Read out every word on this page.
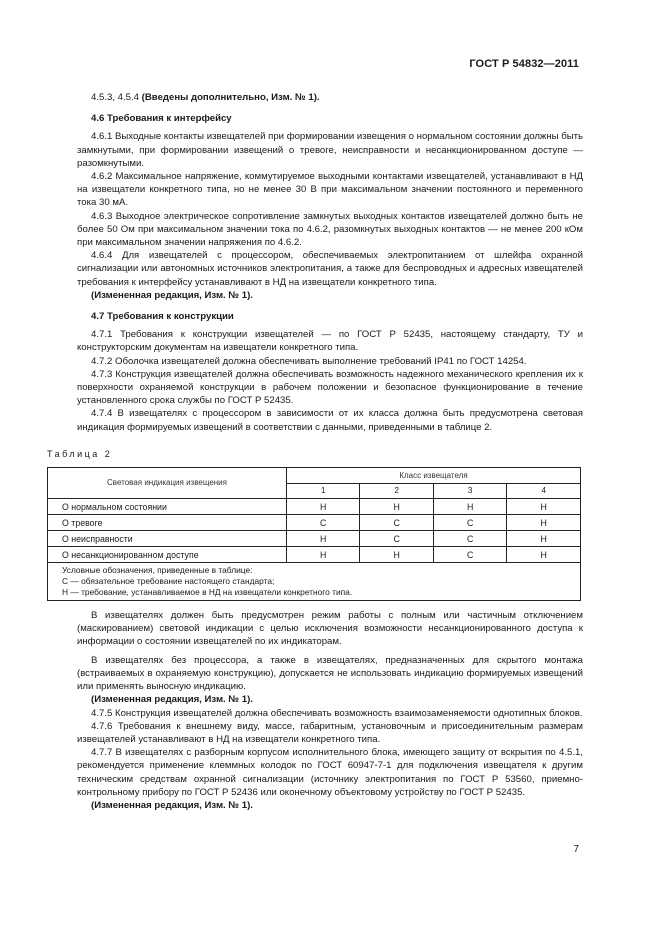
ГОСТ Р 54832—2011

4.5.3, 4.5.4 (Введены дополнительно, Изм. № 1).

4.6 Требования к интерфейсу

4.6.1 Выходные контакты извещателей при формировании извещения о нормальном состоянии должны быть замкнутыми, при формировании извещений о тревоге, неисправности и несанкционированном доступе — разомкнутыми.

4.6.2 Максимальное напряжение, коммутируемое выходными контактами извещателей, устанавливают в НД на извещатели конкретного типа, но не менее 30 В при максимальном значении постоянного и переменного тока 30 мА.

4.6.3 Выходное электрическое сопротивление замкнутых выходных контактов извещателей должно быть не более 50 Ом при максимальном значении тока по 4.6.2, разомкнутых выходных контактов — не менее 200 кОм при максимальном значении напряжения по 4.6.2.

4.6.4 Для извещателей с процессором, обеспечиваемых электропитанием от шлейфа охранной сигнализации или автономных источников электропитания, а также для беспроводных и адресных извещателей требования к интерфейсу устанавливают в НД на извещатели конкретного типа.

(Измененная редакция, Изм. № 1).

4.7 Требования к конструкции

4.7.1 Требования к конструкции извещателей — по ГОСТ Р 52435, настоящему стандарту, ТУ и конструкторским документам на извещатели конкретного типа.

4.7.2 Оболочка извещателей должна обеспечивать выполнение требований IP41 по ГОСТ 14254.

4.7.3 Конструкция извещателей должна обеспечивать возможность надежного механического крепления их к поверхности охраняемой конструкции в рабочем положении и безопасное функционирование в течение установленного срока службы по ГОСТ Р 52435.

4.7.4 В извещателях с процессором в зависимости от их класса должна быть предусмотрена световая индикация формируемых извещений в соответствии с данными, приведенными в таблице 2.

Таблица 2

Световая индикация извещения	Класс извещателя			
	1	2	3	4
О нормальном состоянии	Н	Н	Н	Н
О тревоге	С	С	С	Н
О неисправности	Н	С	С	Н
О несанкционированном доступе	Н	Н	С	Н

Условные обозначения, приведенные в таблице:
С — обязательное требование настоящего стандарта;
Н — требование, устанавливаемое в НД на извещатели конкретного типа.				

В извещателях должен быть предусмотрен режим работы с полным или частичным отключением (маскированием) световой индикации с целью исключения возможности несанкционированного доступа к информации о состоянии извещателей по их индикаторам.

В извещателях без процессора, а также в извещателях, предназначенных для скрытого монтажа (встраиваемых в охраняемую конструкцию), допускается не использовать индикацию формируемых извещений или применять выносную индикацию.

(Измененная редакция, Изм. № 1).

4.7.5 Конструкция извещателей должна обеспечивать возможность взаимозаменяемости однотипных блоков.

4.7.6 Требования к внешнему виду, массе, габаритным, установочным и присоединительным размерам извещателей устанавливают в НД на извещатели конкретного типа.

4.7.7 В извещателях с разборным корпусом исполнительного блока, имеющего защиту от вскрытия по 4.5.1, рекомендуется применение клеммных колодок по ГОСТ 60947-7-1 для подключения извещателя к другим техническим средствам охранной сигнализации (источнику электропитания по ГОСТ Р 53560, приемно-контрольному прибору по ГОСТ Р 52436 или оконечному объектовому устройству по ГОСТ Р 52435.

(Измененная редакция, Изм. № 1).

7
